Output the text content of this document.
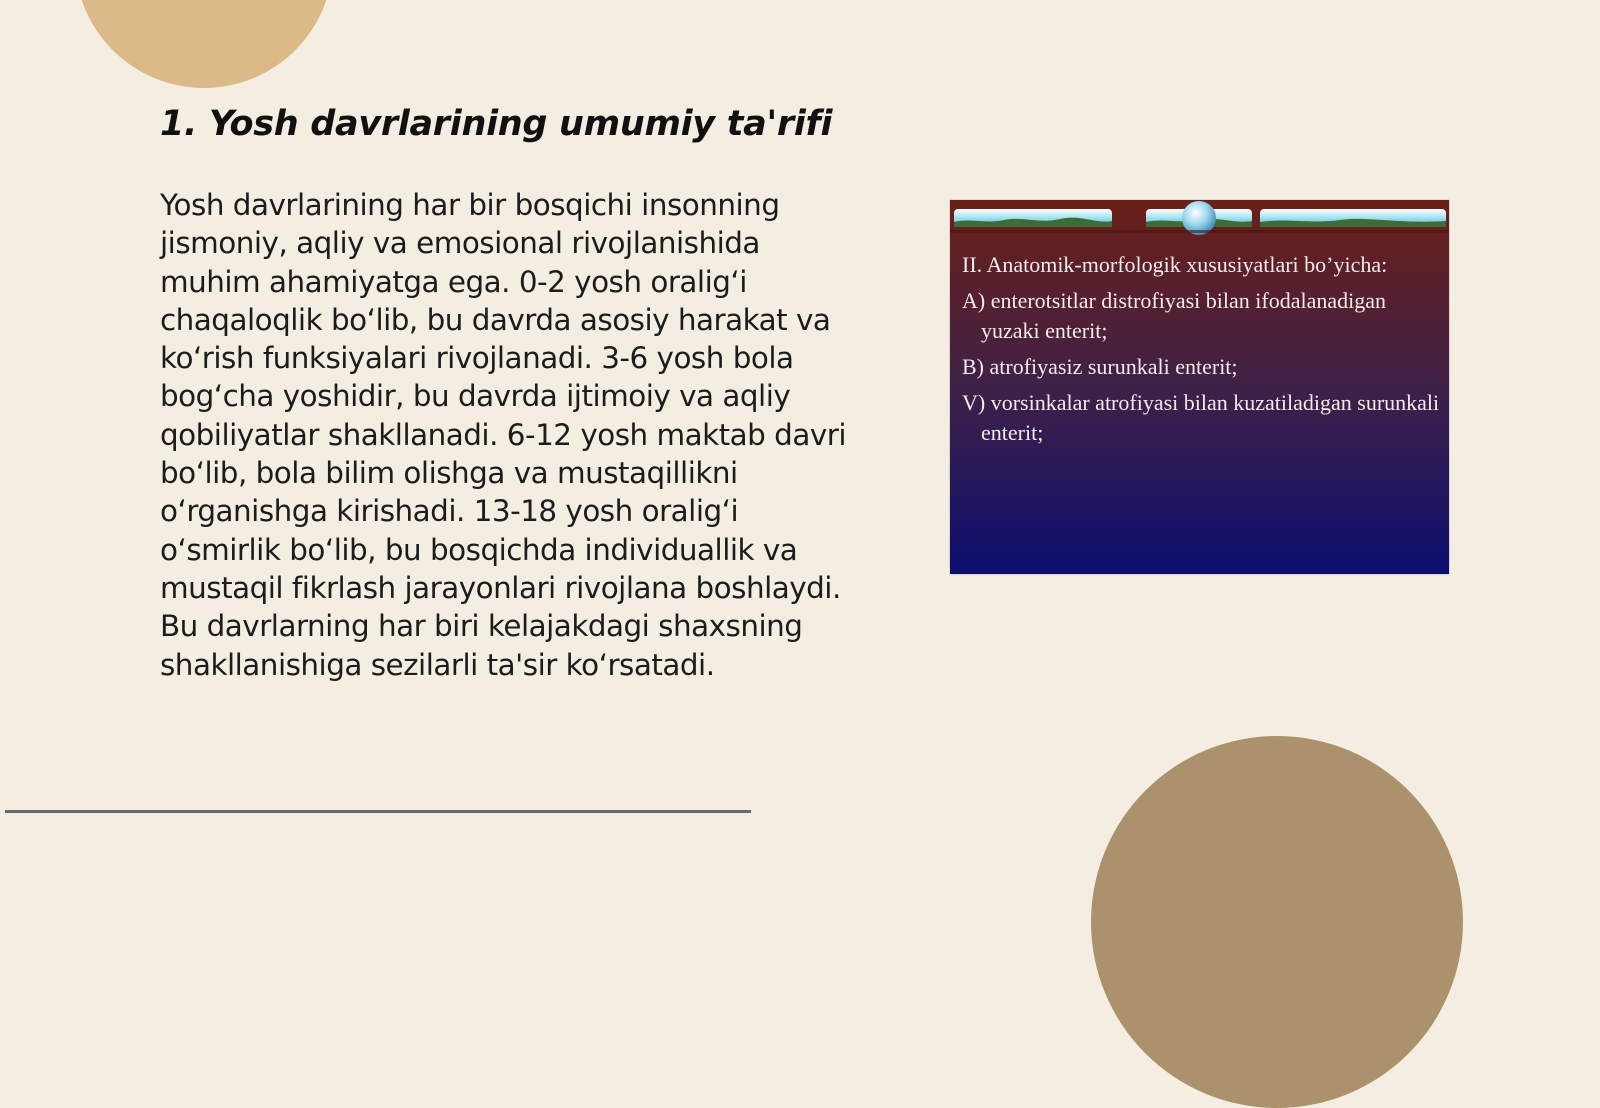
1. Yosh davrlarining umumiy ta'rifi

Yosh davrlarining har bir bosqichi insonning jismoniy, aqliy va emosional rivojlanishida muhim ahamiyatga ega. 0-2 yosh oralig‘i chaqaloqlik bo‘lib, bu davrda asosiy harakat va ko‘rish funksiyalari rivojlanadi. 3-6 yosh bola bog‘cha yoshidir, bu davrda ijtimoiy va aqliy qobiliyatlar shakllanadi. 6-12 yosh maktab davri bo‘lib, bola bilim olishga va mustaqillikni o‘rganishga kirishadi. 13-18 yosh oralig‘i o‘smirlik bo‘lib, bu bosqichda individuallik va mustaqil fikrlash jarayonlari rivojlana boshlaydi. Bu davrlarning har biri kelajakdagi shaxsning shakllanishiga sezilarli ta'sir ko‘rsatadi.

II. Anatomik-morfologik xususiyatlari bo’yicha:
A) enterotsitlar distrofiyasi bilan ifodalanadigan yuzaki enterit;
B) atrofiyasiz surunkali enterit;
V) vorsinkalar atrofiyasi bilan kuzatiladigan surunkali enterit;
